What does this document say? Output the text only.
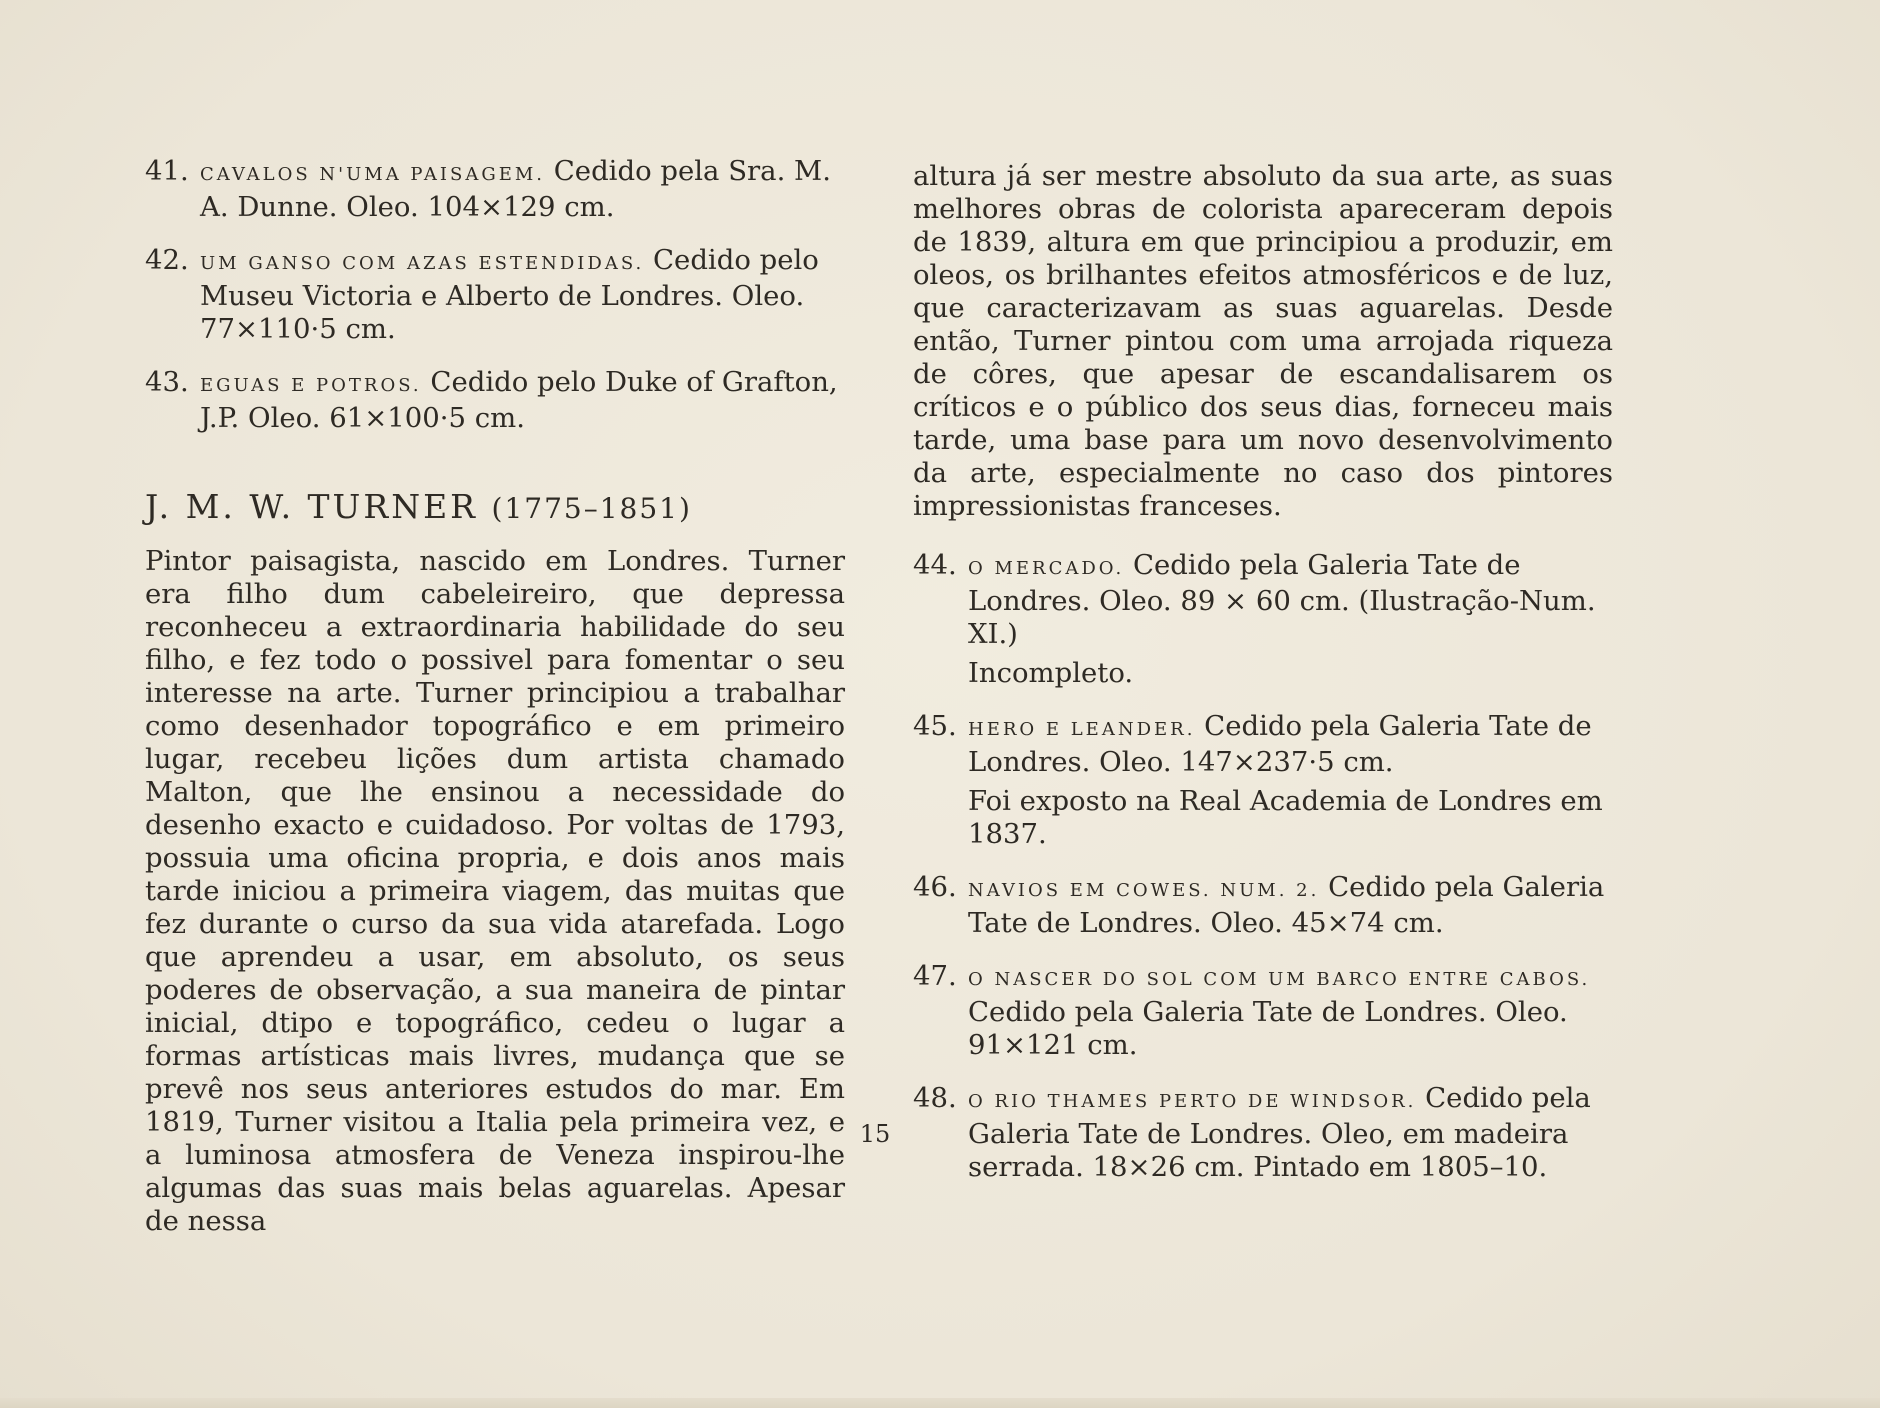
41. CAVALOS N'UMA PAISAGEM. Cedido pela Sra. M. A. Dunne. Oleo. 104×129 cm.
42. UM GANSO COM AZAS ESTENDIDAS. Cedido pelo Museu Victoria e Alberto de Londres. Oleo. 77×110·5 cm.
43. EGUAS E POTROS. Cedido pelo Duke of Grafton, J.P. Oleo. 61×100·5 cm.
J. M. W. TURNER (1775–1851)
Pintor paisagista, nascido em Londres. Turner era filho dum cabeleireiro, que depressa reconheceu a extraordinaria habilidade do seu filho, e fez todo o possivel para fomentar o seu interesse na arte. Turner principiou a trabalhar como desenhador topográfico e em primeiro lugar, recebeu lições dum artista chamado Malton, que lhe ensinou a necessidade do desenho exacto e cuidadoso. Por voltas de 1793, possuia uma oficina propria, e dois anos mais tarde iniciou a primeira viagem, das muitas que fez durante o curso da sua vida atarefada. Logo que aprendeu a usar, em absoluto, os seus poderes de observação, a sua maneira de pintar inicial, dtipo e topográfico, cedeu o lugar a formas artísticas mais livres, mudança que se prevê nos seus anteriores estudos do mar. Em 1819, Turner visitou a Italia pela primeira vez, e a luminosa atmosfera de Veneza inspirou-lhe algumas das suas mais belas aguarelas. Apesar de nessa
altura já ser mestre absoluto da sua arte, as suas melhores obras de colorista apareceram depois de 1839, altura em que principiou a produzir, em oleos, os brilhantes efeitos atmosféricos e de luz, que caracterizavam as suas aguarelas. Desde então, Turner pintou com uma arrojada riqueza de côres, que apesar de escandalisarem os críticos e o público dos seus dias, forneceu mais tarde, uma base para um novo desenvolvimento da arte, especialmente no caso dos pintores impressionistas franceses.
44. O MERCADO. Cedido pela Galeria Tate de Londres. Oleo. 89 × 60 cm. (Ilustração-Num. XI.)
Incompleto.
45. HERO E LEANDER. Cedido pela Galeria Tate de Londres. Oleo. 147×237·5 cm.
Foi exposto na Real Academia de Londres em 1837.
46. NAVIOS EM COWES. NUM. 2. Cedido pela Galeria Tate de Londres. Oleo. 45×74 cm.
47. O NASCER DO SOL COM UM BARCO ENTRE CABOS. Cedido pela Galeria Tate de Londres. Oleo. 91×121 cm.
48. O RIO THAMES PERTO DE WINDSOR. Cedido pela Galeria Tate de Londres. Oleo, em madeira serrada. 18×26 cm. Pintado em 1805–10.
15
